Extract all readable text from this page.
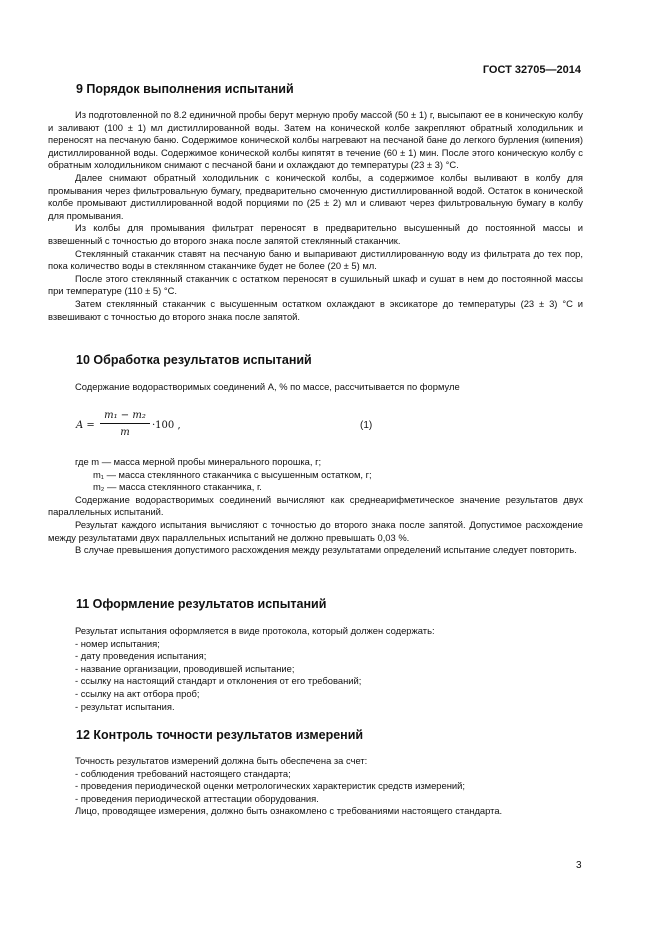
ГОСТ 32705—2014
9 Порядок выполнения испытаний

Из подготовленной по 8.2 единичной пробы берут мерную пробу массой (50 ± 1) г, высыпают ее в коническую колбу и заливают (100 ± 1) мл дистиллированной воды. Затем на конической колбе закрепляют обратный холодильник и переносят на песчаную баню. Содержимое конической колбы нагревают на песчаной бане до легкого бурления (кипения) дистиллированной воды. Содержимое конической колбы кипятят в течение (60 ± 1) мин. После этого коническую колбу с обратным холодильником снимают с песчаной бани и охлаждают до температуры (23 ± 3) °С.

Далее снимают обратный холодильник с конической колбы, а содержимое колбы выливают в колбу для промывания через фильтровальную бумагу, предварительно смоченную дистиллированной водой. Остаток в конической колбе промывают дистиллированной водой порциями по (25 ± 2) мл и сливают через фильтровальную бумагу в колбу для промывания.

Из колбы для промывания фильтрат переносят в предварительно высушенный до постоянной массы и взвешенный с точностью до второго знака после запятой стеклянный стаканчик.

Стеклянный стаканчик ставят на песчаную баню и выпаривают дистиллированную воду из фильтрата до тех пор, пока количество воды в стеклянном стаканчике будет не более (20 ± 5) мл.

После этого стеклянный стаканчик с остатком переносят в сушильный шкаф и сушат в нем до постоянной массы при температуре (110 ± 5) °С.

Затем стеклянный стаканчик с высушенным остатком охлаждают в эксикаторе до температуры (23 ± 3) °С и взвешивают с точностью до второго знака после запятой.

10 Обработка результатов испытаний

Содержание водорастворимых соединений А, % по массе, рассчитывается по формуле

$A = \frac{\text{m₁ − m₂}}{m} \cdot 100$ ,	(1)

где m — масса мерной пробы минерального порошка, г;

m₁ — масса стеклянного стаканчика с высушенным остатком, г;

m₂ — масса стеклянного стаканчика, г.

Содержание водорастворимых соединений вычисляют как среднеарифметическое значение результатов двух параллельных испытаний.

Результат каждого испытания вычисляют с точностью до второго знака после запятой. Допустимое расхождение между результатами двух параллельных испытаний не должно превышать 0,03 %.

В случае превышения допустимого расхождения между результатами определений испытание следует повторить.

11 Оформление результатов испытаний

Результат испытания оформляется в виде протокола, который должен содержать:

- номер испытания;

- дату проведения испытания;

- название организации, проводившей испытание;

- ссылку на настоящий стандарт и отклонения от его требований;

- ссылку на акт отбора проб;

- результат испытания.

12 Контроль точности результатов измерений

Точность результатов измерений должна быть обеспечена за счет:

- соблюдения требований настоящего стандарта;

- проведения периодической оценки метрологических характеристик средств измерений;

- проведения периодической аттестации оборудования.

Лицо, проводящее измерения, должно быть ознакомлено с требованиями настоящего стандарта.

3
